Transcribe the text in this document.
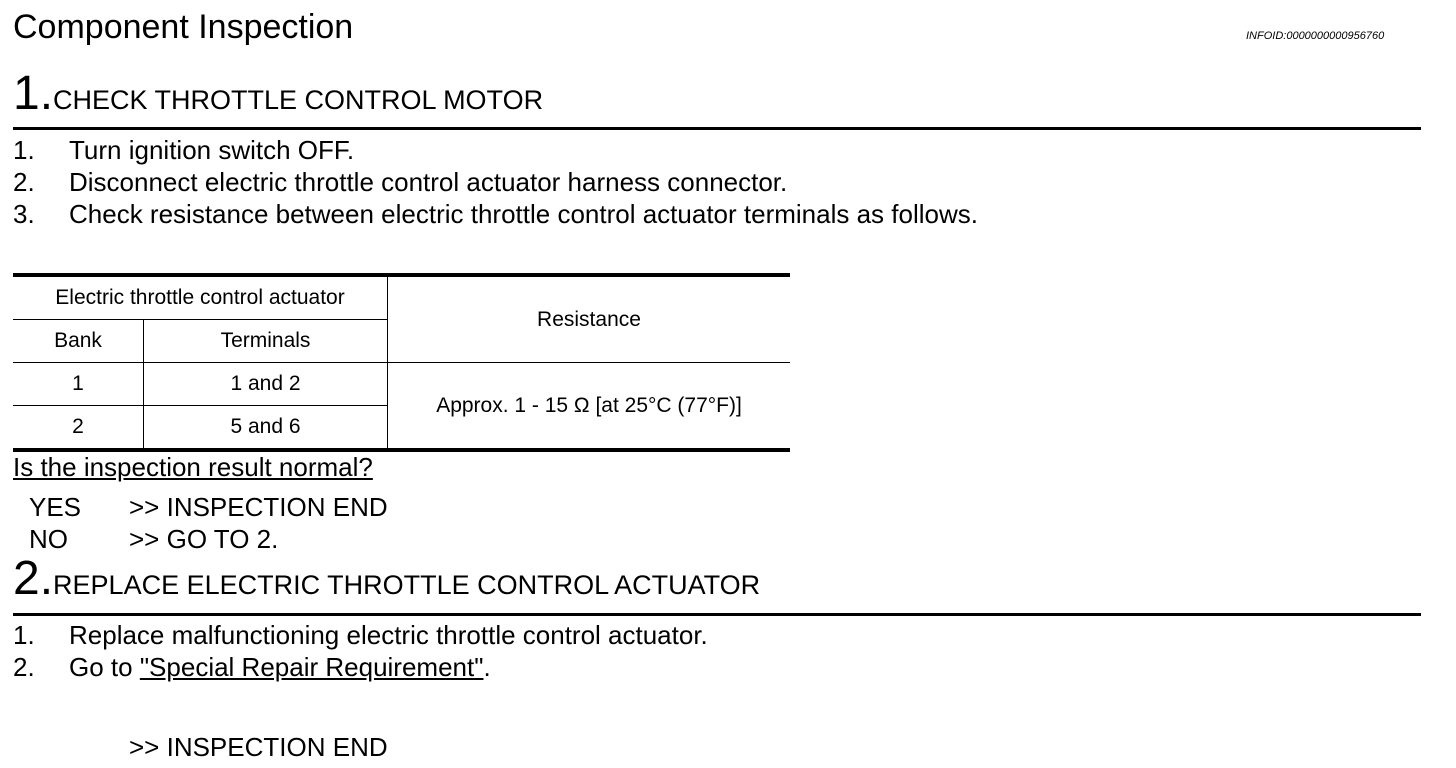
Component Inspection	INFOID:0000000000956760
1.CHECK THROTTLE CONTROL MOTOR
1. Turn ignition switch OFF.
2. Disconnect electric throttle control actuator harness connector.
3. Check resistance between electric throttle control actuator terminals as follows.
Electric throttle control actuator		Resistance
Bank	Terminals	
1	1 and 2	Approx. 1 - 15 Ω [at 25°C (77°F)]
2	5 and 6	
Is the inspection result normal?
YES >> INSPECTION END
NO >> GO TO 2.
2.REPLACE ELECTRIC THROTTLE CONTROL ACTUATOR
1. Replace malfunctioning electric throttle control actuator.
2. Go to "Special Repair Requirement".
>> INSPECTION END
